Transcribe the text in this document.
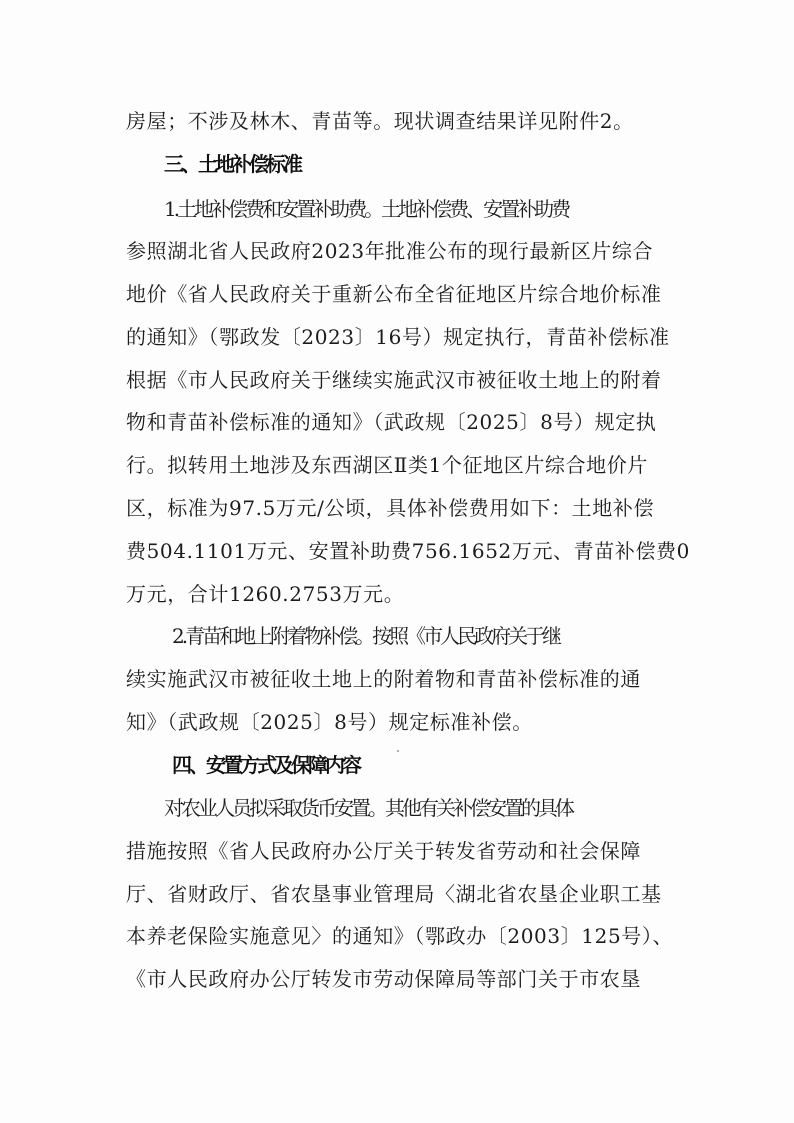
房屋；不涉及林木、青苗等。现状调查结果详见附件2。
三、土地补偿标准
1.土地补偿费和安置补助费。土地补偿费、安置补助费
参照湖北省人民政府2023年批准公布的现行最新区片综合
地价《省人民政府关于重新公布全省征地区片综合地价标准
的通知》（鄂政发〔2023〕16号）规定执行，青苗补偿标准
根据《市人民政府关于继续实施武汉市被征收土地上的附着
物和青苗补偿标准的通知》（武政规〔2025〕8号）规定执
行。拟转用土地涉及东西湖区Ⅱ类1个征地区片综合地价片
区，标准为97.5万元/公顷，具体补偿费用如下：土地补偿
费504.1101万元、安置补助费756.1652万元、青苗补偿费0
万元，合计1260.2753万元。
2.青苗和地上附着物补偿。按照《市人民政府关于继
续实施武汉市被征收土地上的附着物和青苗补偿标准的通
知》（武政规〔2025〕8号）规定标准补偿。
四、安置方式及保障内容
对农业人员拟采取货币安置。其他有关补偿安置的具体
措施按照《省人民政府办公厅关于转发省劳动和社会保障
厅、省财政厅、省农垦事业管理局〈湖北省农垦企业职工基
本养老保险实施意见〉的通知》（鄂政办〔2003〕125号）、
《市人民政府办公厅转发市劳动保障局等部门关于市农垦
